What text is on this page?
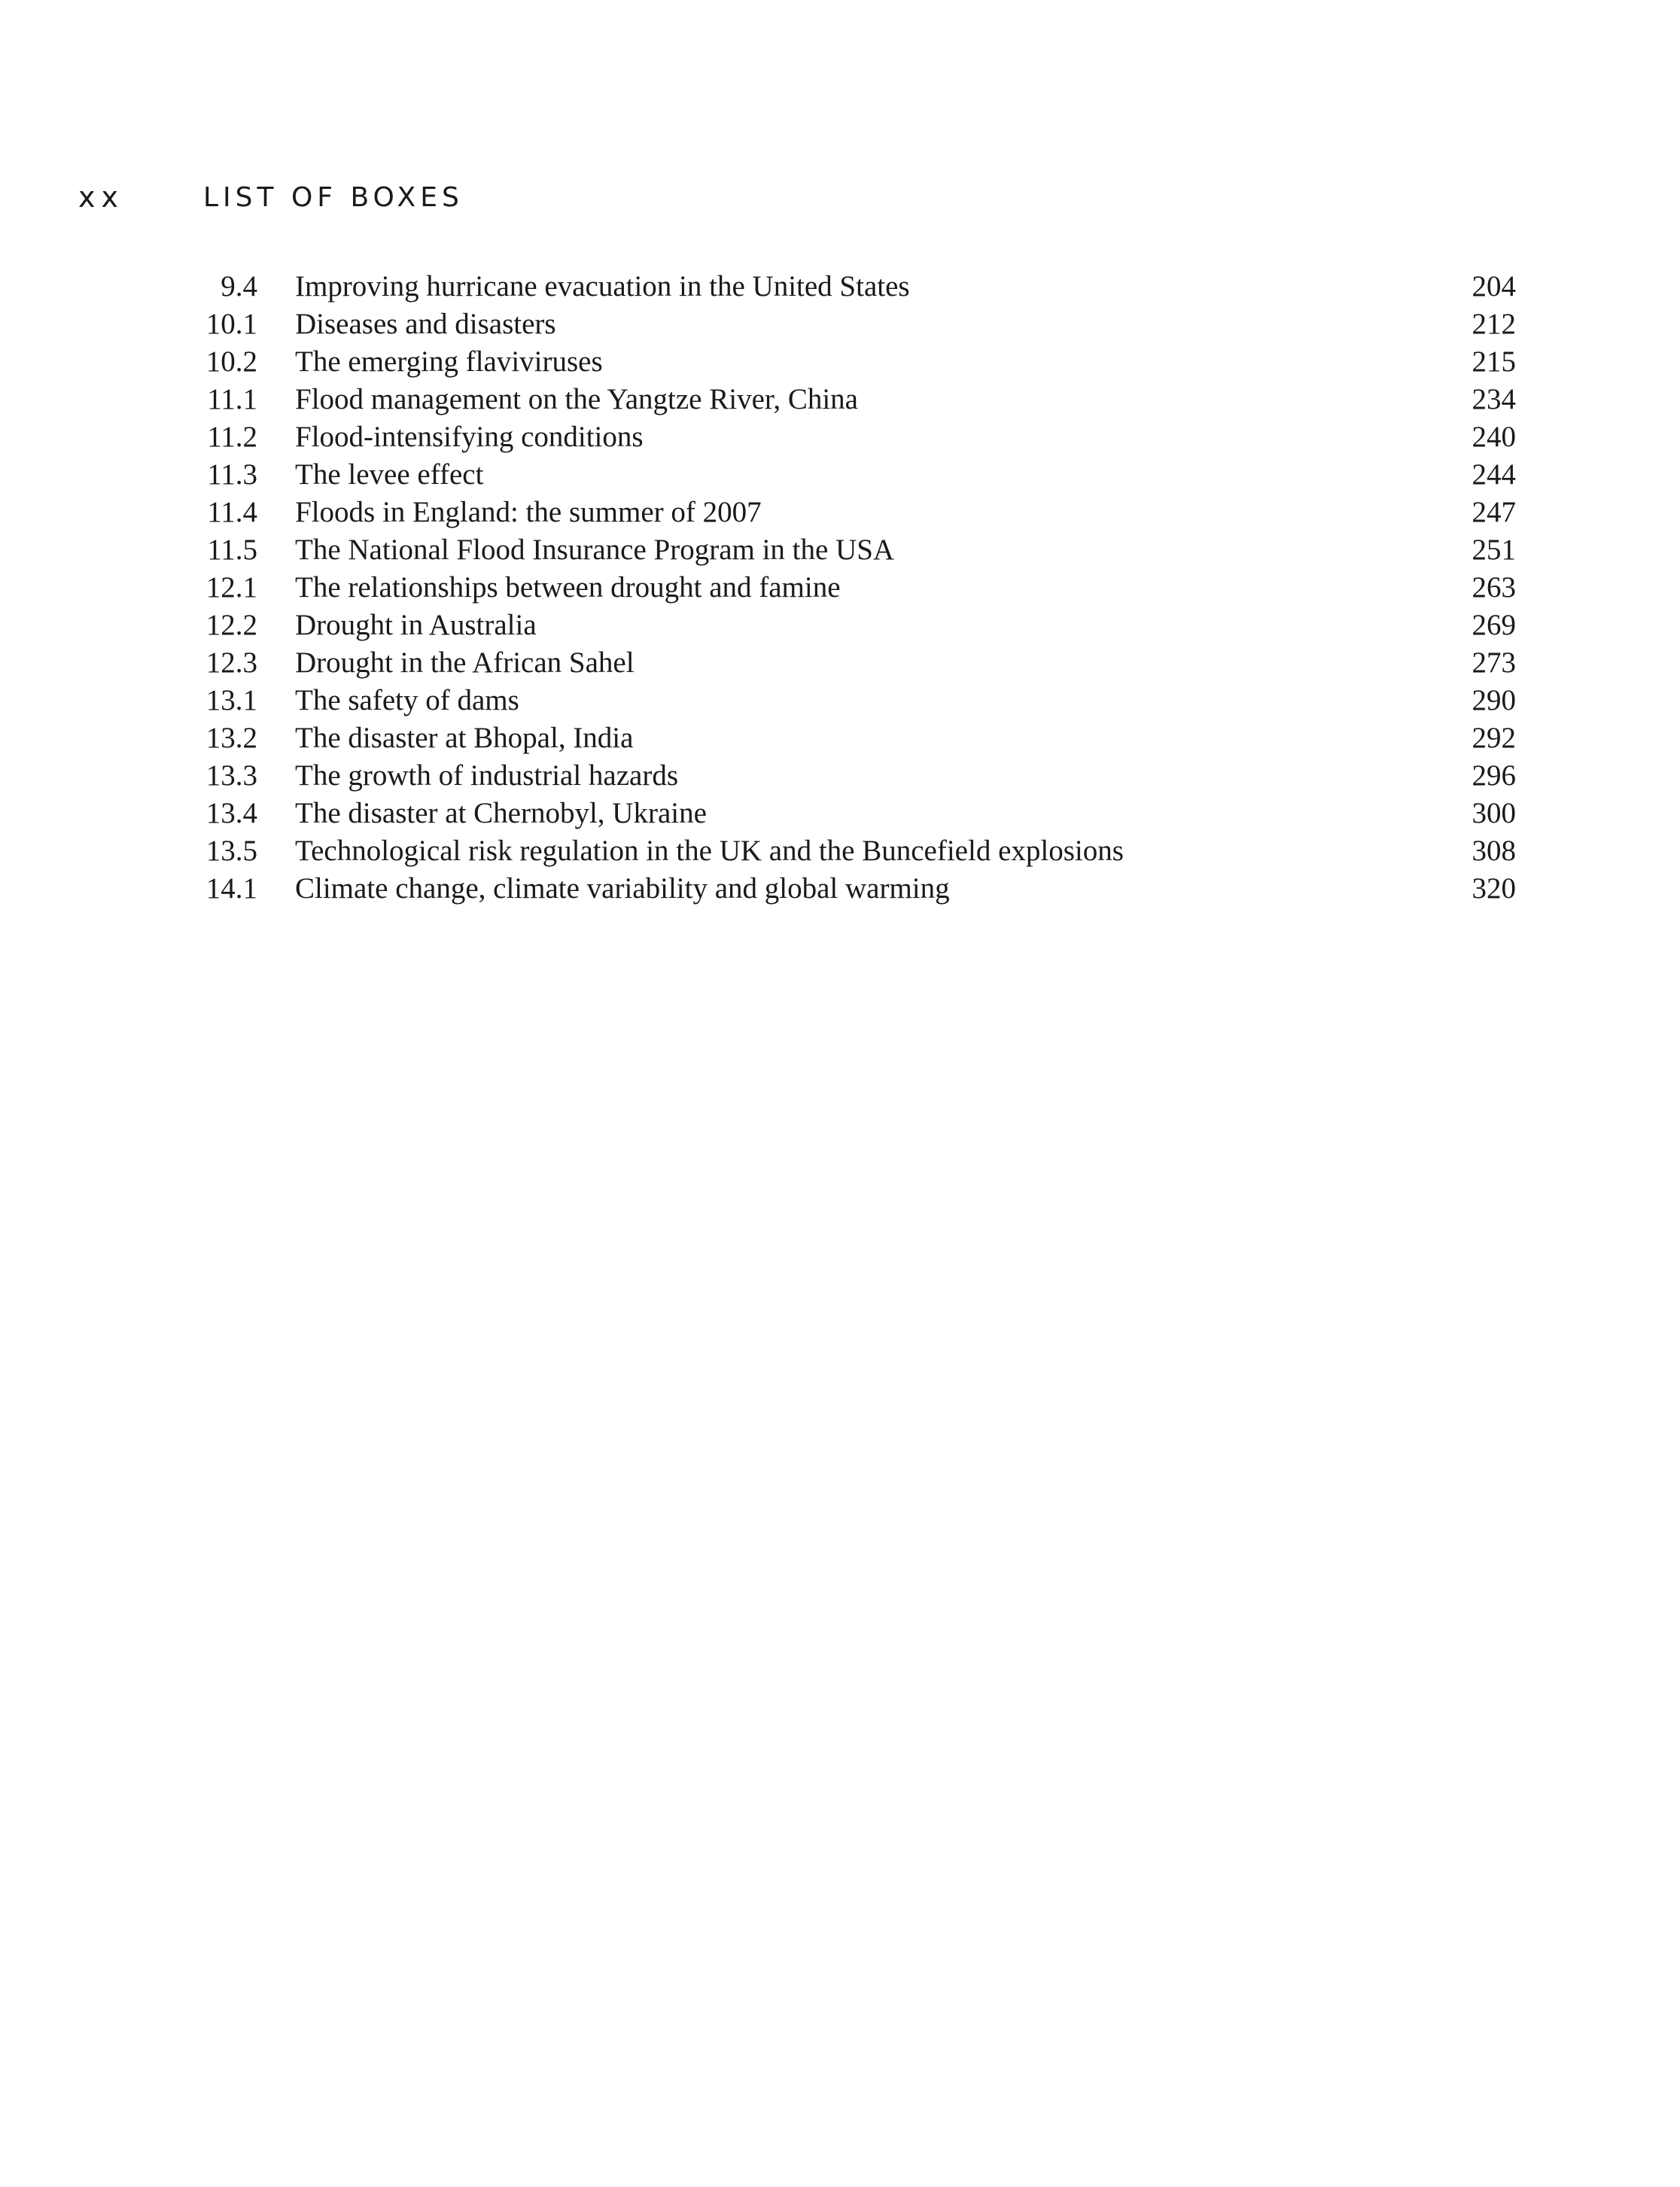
xx	LIST OF BOXES
9.4 Improving hurricane evacuation in the United States	204
10.1 Diseases and disasters	212
10.2 The emerging flaviviruses	215
11.1 Flood management on the Yangtze River, China	234
11.2 Flood-intensifying conditions	240
11.3 The levee effect	244
11.4 Floods in England: the summer of 2007	247
11.5 The National Flood Insurance Program in the USA	251
12.1 The relationships between drought and famine	263
12.2 Drought in Australia	269
12.3 Drought in the African Sahel	273
13.1 The safety of dams	290
13.2 The disaster at Bhopal, India	292
13.3 The growth of industrial hazards	296
13.4 The disaster at Chernobyl, Ukraine	300
13.5 Technological risk regulation in the UK and the Buncefield explosions	308
14.1 Climate change, climate variability and global warming	320
